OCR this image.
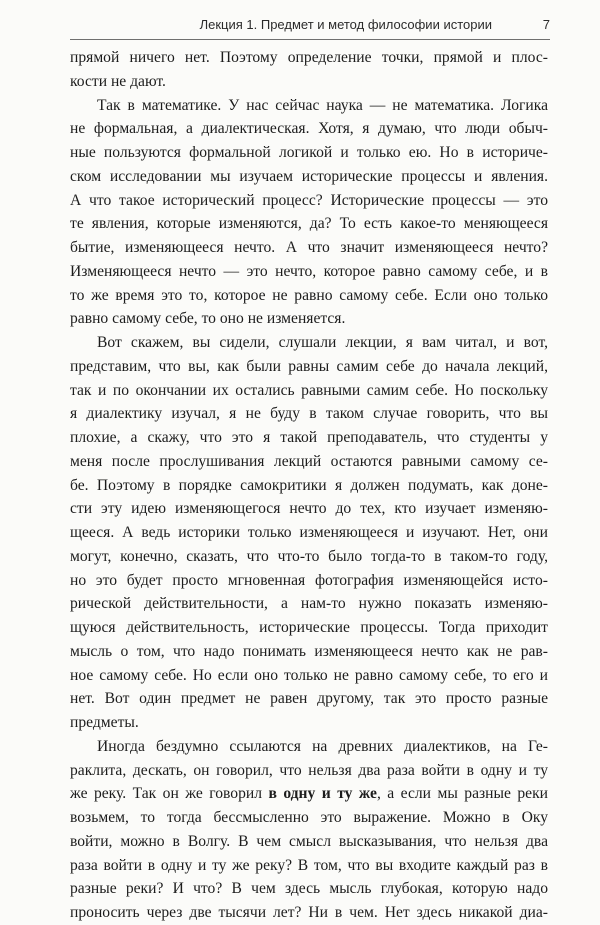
Лекция 1. Предмет и метод философии истории	7
прямой ничего нет. Поэтому определение точки, прямой и плос-
кости не дают.
Так в математике. У нас сейчас наука — не математика. Логика
не формальная, а диалектическая. Хотя, я думаю, что люди обыч-
ные пользуются формальной логикой и только ею. Но в историче-
ском исследовании мы изучаем исторические процессы и явления.
А что такое исторический процесс? Исторические процессы — это
те явления, которые изменяются, да? То есть какое-то меняющееся
бытие, изменяющееся нечто. А что значит изменяющееся нечто?
Изменяющееся нечто — это нечто, которое равно самому себе, и в
то же время это то, которое не равно самому себе. Если оно только
равно самому себе, то оно не изменяется.
Вот скажем, вы сидели, слушали лекции, я вам читал, и вот,
представим, что вы, как были равны самим себе до начала лекций,
так и по окончании их остались равными самим себе. Но поскольку
я диалектику изучал, я не буду в таком случае говорить, что вы
плохие, а скажу, что это я такой преподаватель, что студенты у
меня после прослушивания лекций остаются равными самому се-
бе. Поэтому в порядке самокритики я должен подумать, как доне-
сти эту идею изменяющегося нечто до тех, кто изучает изменяю-
щееся. А ведь историки только изменяющееся и изучают. Нет, они
могут, конечно, сказать, что что-то было тогда-то в таком-то году,
но это будет просто мгновенная фотография изменяющейся истo-
рической действительности, а нам-то нужно показать изменяю-
щуюся действительность, исторические процессы. Тогда приходит
мысль о том, что надо понимать изменяющееся нечто как не рав-
ное самому себе. Но если оно только не равно самому себе, то его и
нет. Вот один предмет не равен другому, так это просто разные
предметы.
Иногда бездумно ссылаются на древних диалектиков, на Ге-
раклита, дескать, он говорил, что нельзя два раза войти в одну и ту
же реку. Так он же говорил в одну и ту же, а если мы разные реки
возьмем, то тогда бессмысленно это выражение. Можно в Оку
войти, можно в Волгу. В чем смысл высказывания, что нельзя два
раза войти в одну и ту же реку? В том, что вы входите каждый раз в
разные реки? И что? В чем здесь мысль глубокая, которую надо
проносить через две тысячи лет? Ни в чем. Нет здесь никакой диа-
